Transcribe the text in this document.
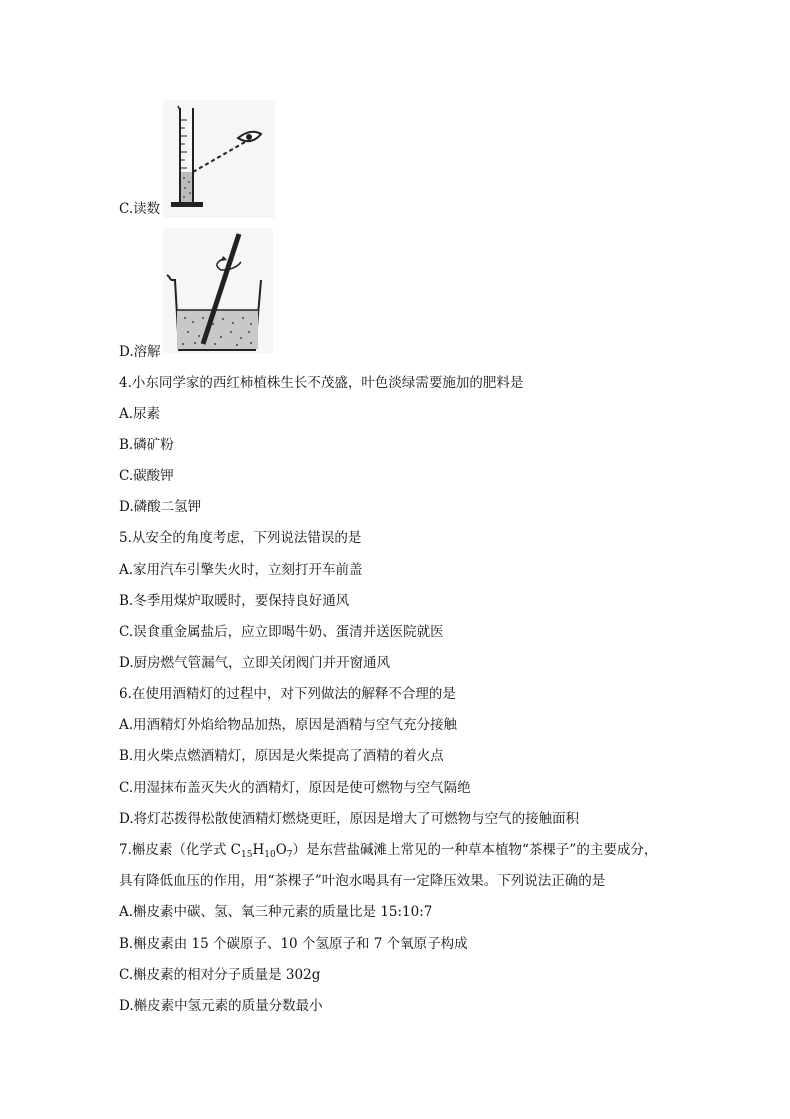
C.读数
D.溶解
4.小东同学家的西红柿植株生长不茂盛，叶色淡绿需要施加的肥料是
A.尿素
B.磷矿粉
C.碳酸钾
D.磷酸二氢钾
5.从安全的角度考虑，下列说法错误的是
A.家用汽车引擎失火时，立刻打开车前盖
B.冬季用煤炉取暖时，要保持良好通风
C.误食重金属盐后，应立即喝牛奶、蛋清并送医院就医
D.厨房燃气管漏气，立即关闭阀门并开窗通风
6.在使用酒精灯的过程中，对下列做法的解释不合理的是
A.用酒精灯外焰给物品加热，原因是酒精与空气充分接触
B.用火柴点燃酒精灯，原因是火柴提高了酒精的着火点
C.用湿抹布盖灭失火的酒精灯，原因是使可燃物与空气隔绝
D.将灯芯拨得松散使酒精灯燃烧更旺，原因是增大了可燃物与空气的接触面积
7.槲皮素（化学式 $C_{15}H_{10}O_7$）是东营盐碱滩上常见的一种草本植物“茶棵子”的主要成分，
具有降低血压的作用，用“茶棵子”叶泡水喝具有一定降压效果。下列说法正确的是
A.槲皮素中碳、氢、氧三种元素的质量比是 15:10:7
B.槲皮素由 15 个碳原子、10 个氢原子和 7 个氧原子构成
C.槲皮素的相对分子质量是 302g
D.槲皮素中氢元素的质量分数最小
